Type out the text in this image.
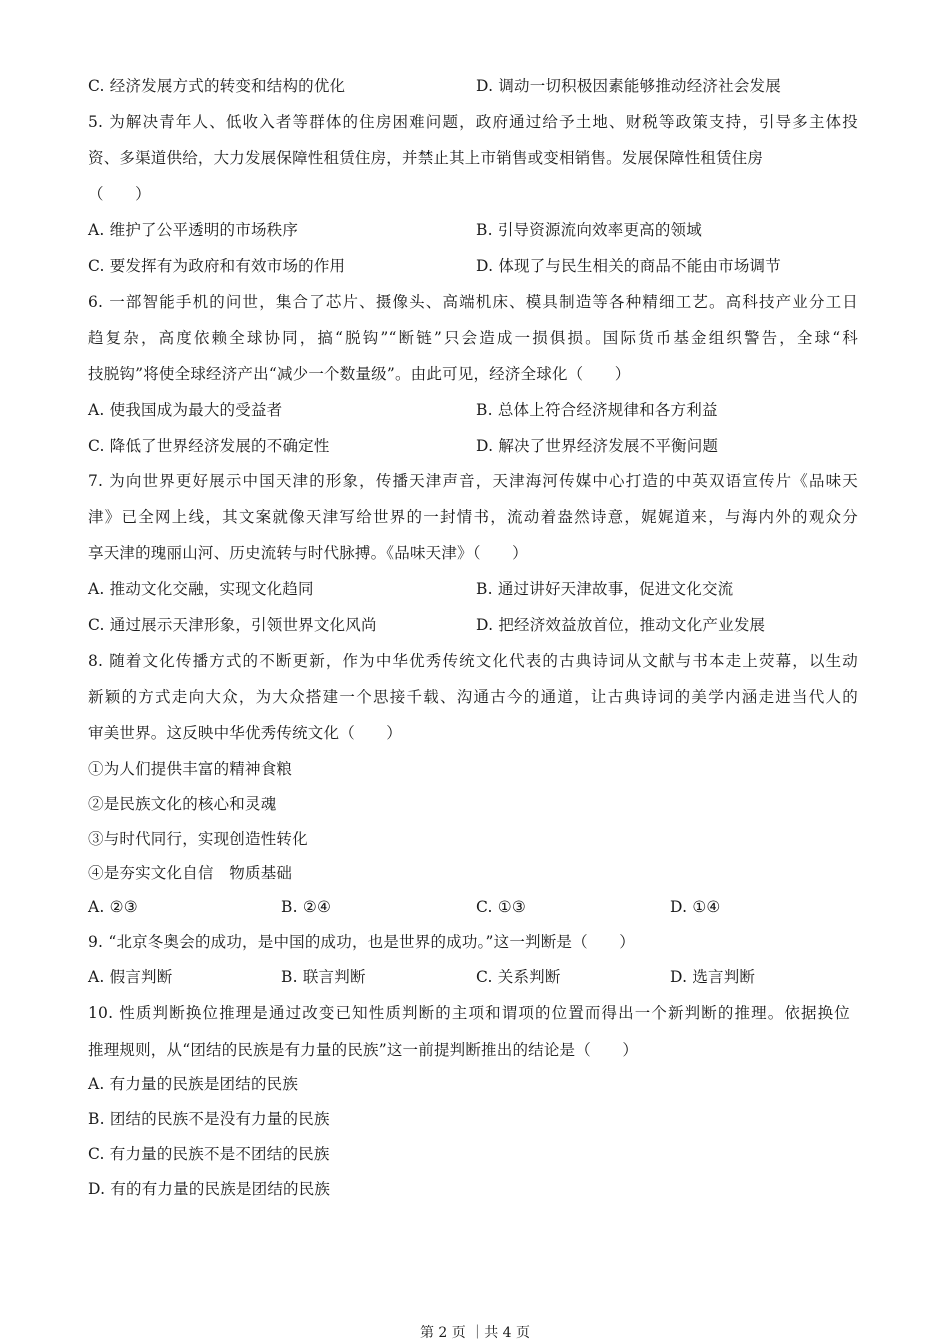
C. 经济发展方式的转变和结构的优化	D. 调动一切积极因素能够推动经济社会发展
5. 为解决青年人、低收入者等群体的住房困难问题，政府通过给予土地、财税等政策支持，引导多主体投
资、多渠道供给，大力发展保障性租赁住房，并禁止其上市销售或变相销售。发展保障性租赁住房
（　　）
A. 维护了公平透明的市场秩序	B. 引导资源流向效率更高的领域
C. 要发挥有为政府和有效市场的作用	D. 体现了与民生相关的商品不能由市场调节
6. 一部智能手机的问世，集合了芯片、摄像头、高端机床、模具制造等各种精细工艺。高科技产业分工日
趋复杂，高度依赖全球协同，搞“脱钩”“断链”只会造成一损俱损。国际货币基金组织警告，全球“科
技脱钩”将使全球经济产出“减少一个数量级”。由此可见，经济全球化（　　）
A. 使我国成为最大的受益者	B. 总体上符合经济规律和各方利益
C. 降低了世界经济发展的不确定性	D. 解决了世界经济发展不平衡问题
7. 为向世界更好展示中国天津的形象，传播天津声音，天津海河传媒中心打造的中英双语宣传片《品味天
津》已全网上线，其文案就像天津写给世界的一封情书，流动着盎然诗意，娓娓道来，与海内外的观众分
享天津的瑰丽山河、历史流转与时代脉搏。《品味天津》（　　）
A. 推动文化交融，实现文化趋同	B. 通过讲好天津故事，促进文化交流
C. 通过展示天津形象，引领世界文化风尚	D. 把经济效益放首位，推动文化产业发展
8. 随着文化传播方式的不断更新，作为中华优秀传统文化代表的古典诗词从文献与书本走上荧幕，以生动
新颖的方式走向大众，为大众搭建一个思接千载、沟通古今的通道，让古典诗词的美学内涵走进当代人的
审美世界。这反映中华优秀传统文化（　　）
①为人们提供丰富的精神食粮
②是民族文化的核心和灵魂
③与时代同行，实现创造性转化
④是夯实文化自信　物质基础
A. ②③	B. ②④	C. ①③	D. ①④
9. “北京冬奥会的成功，是中国的成功，也是世界的成功。”这一判断是（　　）
A. 假言判断	B. 联言判断	C. 关系判断	D. 选言判断
10. 性质判断换位推理是通过改变已知性质判断的主项和谓项的位置而得出一个新判断的推理。依据换位
推理规则，从“团结的民族是有力量的民族”这一前提判断推出的结论是（　　）
A. 有力量的民族是团结的民族
B. 团结的民族不是没有力量的民族
C. 有力量的民族不是不团结的民族
D. 有的有力量的民族是团结的民族
第 2 页 ｜共 4 页
